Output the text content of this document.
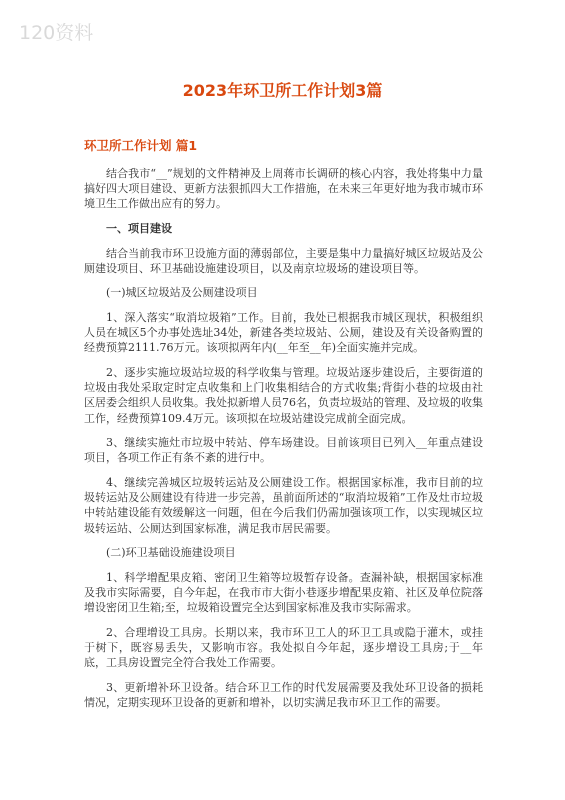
120资料
2023年环卫所工作计划3篇
环卫所工作计划 篇1

结合我市“__”规划的文件精神及上周蒋市长调研的核心内容，我处将集中力量搞好四大项目建设、更新方法狠抓四大工作措施，在未来三年更好地为我市城市环境卫生工作做出应有的努力。

一、项目建设

结合当前我市环卫设施方面的薄弱部位，主要是集中力量搞好城区垃圾站及公厕建设项目、环卫基础设施建设项目，以及南京垃圾场的建设项目等。

(一)城区垃圾站及公厕建设项目

1、深入落实“取消垃圾箱”工作。目前，我处已根据我市城区现状，积极组织人员在城区5个办事处选址34处，新建各类垃圾站、公厕，建设及有关设备购置的经费预算2111.76万元。该项拟两年内(__年至__年)全面实施并完成。

2、逐步实施垃圾站垃圾的科学收集与管理。垃圾站逐步建设后，主要街道的垃圾由我处采取定时定点收集和上门收集相结合的方式收集;背街小巷的垃圾由社区居委会组织人员收集。我处拟新增人员76名，负责垃圾站的管理、及垃圾的收集工作，经费预算109.4万元。该项拟在垃圾站建设完成前全面完成。

3、继续实施灶市垃圾中转站、停车场建设。目前该项目已列入__年重点建设项目，各项工作正有条不紊的进行中。

4、继续完善城区垃圾转运站及公厕建设工作。根据国家标准，我市目前的垃圾转运站及公厕建设有待进一步完善，虽前面所述的“取消垃圾箱”工作及灶市垃圾中转站建设能有效缓解这一问题，但在今后我们仍需加强该项工作，以实现城区垃圾转运站、公厕达到国家标准，满足我市居民需要。

(二)环卫基础设施建设项目

1、科学增配果皮箱、密闭卫生箱等垃圾暂存设备。查漏补缺，根据国家标准及我市实际需要，自今年起，在我市市大街小巷逐步增配果皮箱、社区及单位院落增设密闭卫生箱;至，垃圾箱设置完全达到国家标准及我市实际需求。

2、合理增设工具房。长期以来，我市环卫工人的环卫工具或隐于灌木，或挂于树下，既容易丢失，又影响市容。我处拟自今年起，逐步增设工具房;于__年底，工具房设置完全符合我处工作需要。

3、更新增补环卫设备。结合环卫工作的时代发展需要及我处环卫设备的损耗情况，定期实现环卫设备的更新和增补，以切实满足我市环卫工作的需要。
